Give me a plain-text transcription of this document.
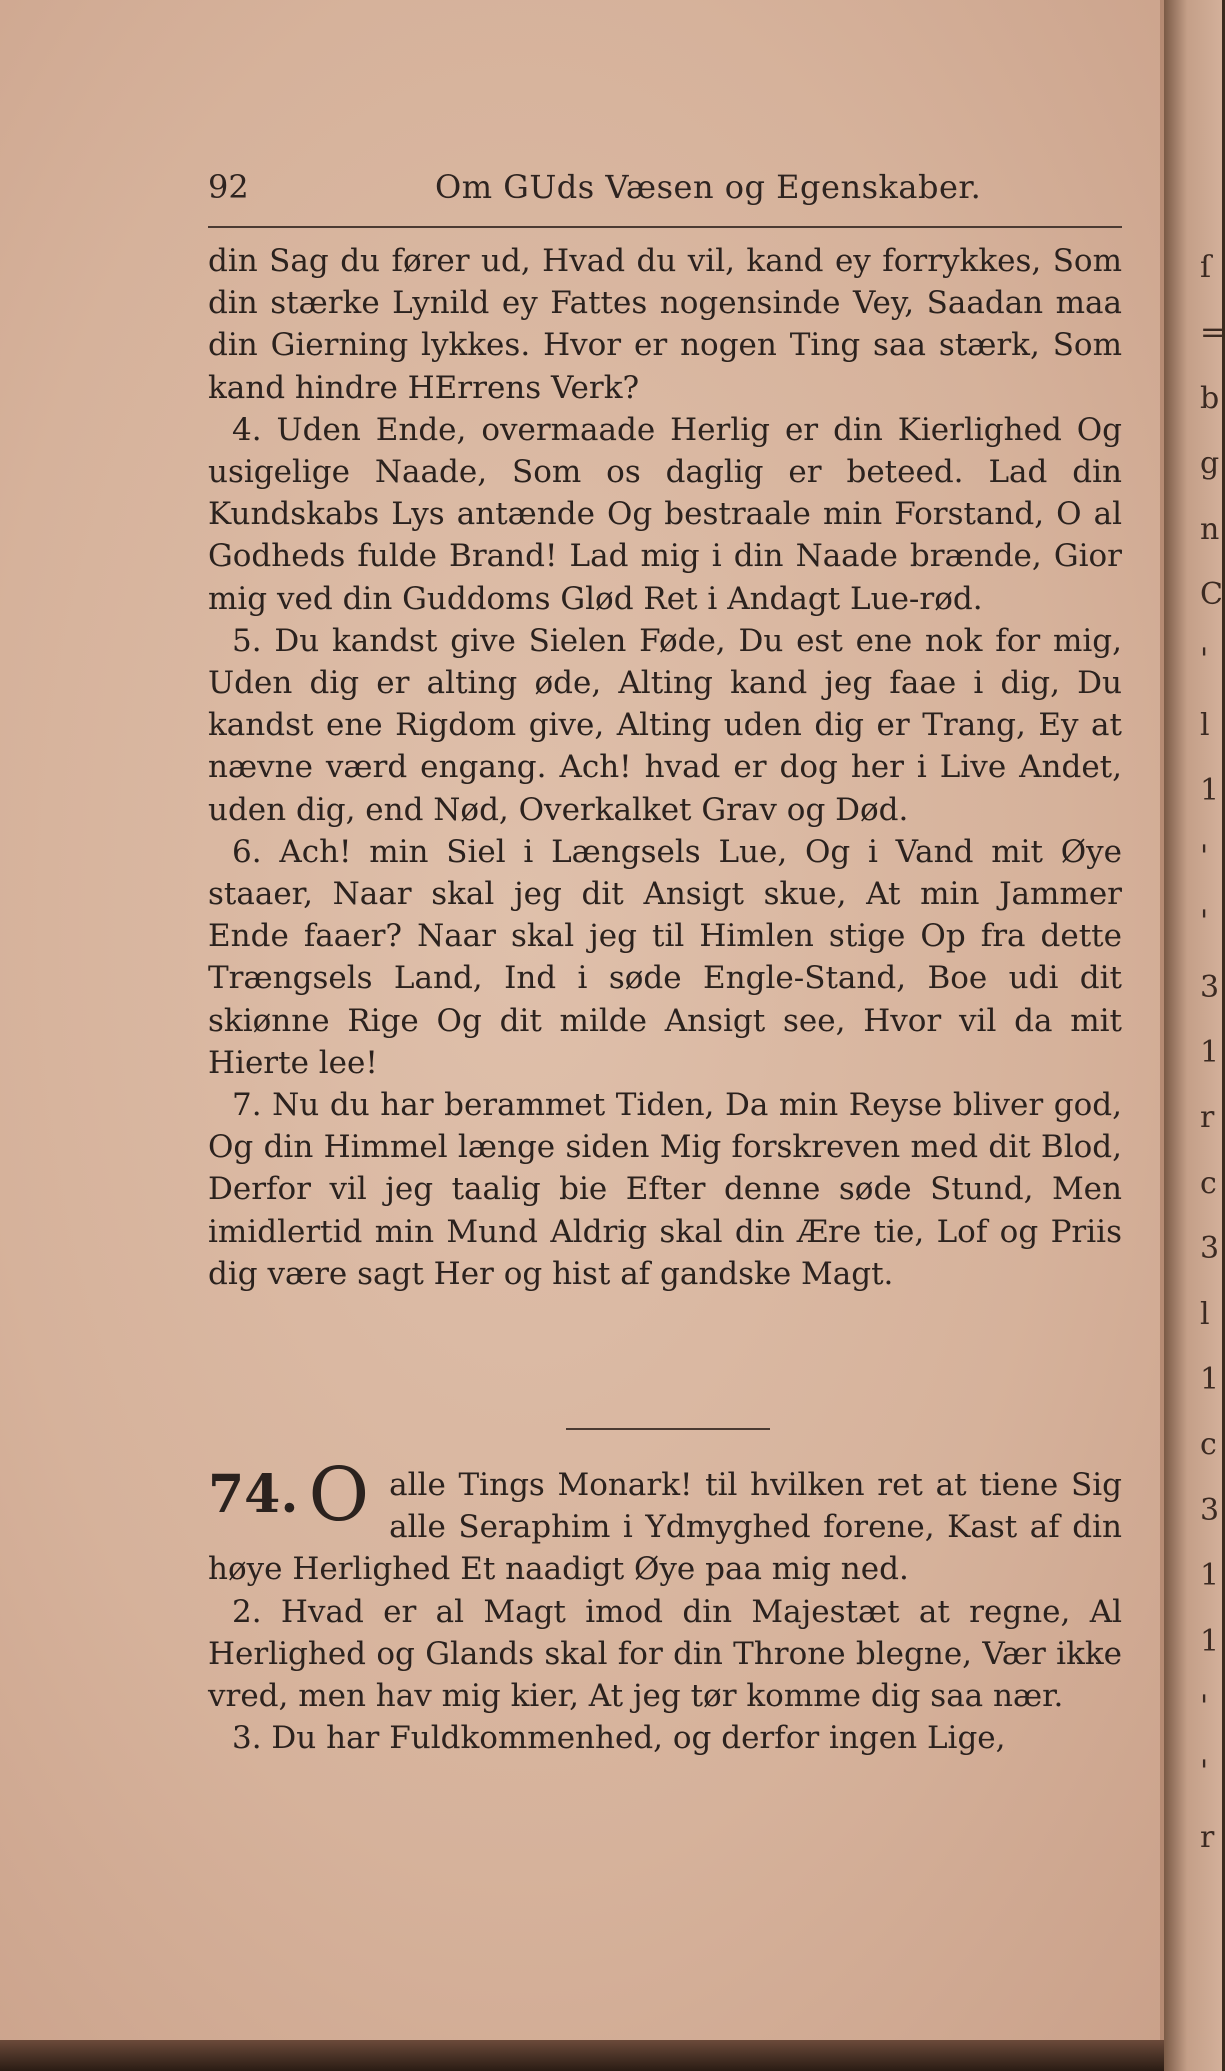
92	Om GUds Væsen og Egenskaber.

din Sag du fører ud, Hvad du vil, kand ey forrykkes, Som din stærke Lynild ey Fattes nogensinde Vey, Saadan maa din Gierning lykkes. Hvor er nogen Ting saa stærk, Som kand hindre HErrens Verk?

4. Uden Ende, overmaade Herlig er din Kierlighed Og usigelige Naade, Som os daglig er beteed. Lad din Kundskabs Lys antænde Og bestraale min Forstand, O al Godheds fulde Brand! Lad mig i din Naade brænde, Gior mig ved din Guddoms Glød Ret i Andagt Lue-rød.

5. Du kandst give Sielen Føde, Du est ene nok for mig, Uden dig er alting øde, Alting kand jeg faae i dig, Du kandst ene Rigdom give, Alting uden dig er Trang, Ey at nævne værd engang. Ach! hvad er dog her i Live Andet, uden dig, end Nød, Overkalket Grav og Død.

6. Ach! min Siel i Længsels Lue, Og i Vand mit Øye staaer, Naar skal jeg dit Ansigt skue, At min Jammer Ende faaer? Naar skal jeg til Himlen stige Op fra dette Trængsels Land, Ind i søde Engle-Stand, Boe udi dit skiønne Rige Og dit milde Ansigt see, Hvor vil da mit Hierte lee!

7. Nu du har berammet Tiden, Da min Reyse bliver god, Og din Himmel længe siden Mig forskreven med dit Blod, Derfor vil jeg taalig bie Efter denne søde Stund, Men imidlertid min Mund Aldrig skal din Ære tie, Lof og Priis dig være sagt Her og hist af gandske Magt.

74. O alle Tings Monark! til hvilken ret at tiene Sig alle Seraphim i Ydmyghed forene, Kast af din høye Herlighed Et naadigt Øye paa mig ned.

2. Hvad er al Magt imod din Majestæt at regne, Al Herlighed og Glands skal for din Throne blegne, Vær ikke vred, men hav mig kier, At jeg tør komme dig saa nær.

3. Du har Fuldkommenhed, og derfor ingen Lige,

ſ
=
b
g
n
C
'
l
1
'
'
3
1
r
c
3
l
1
c
3
1
1
'
'
r
